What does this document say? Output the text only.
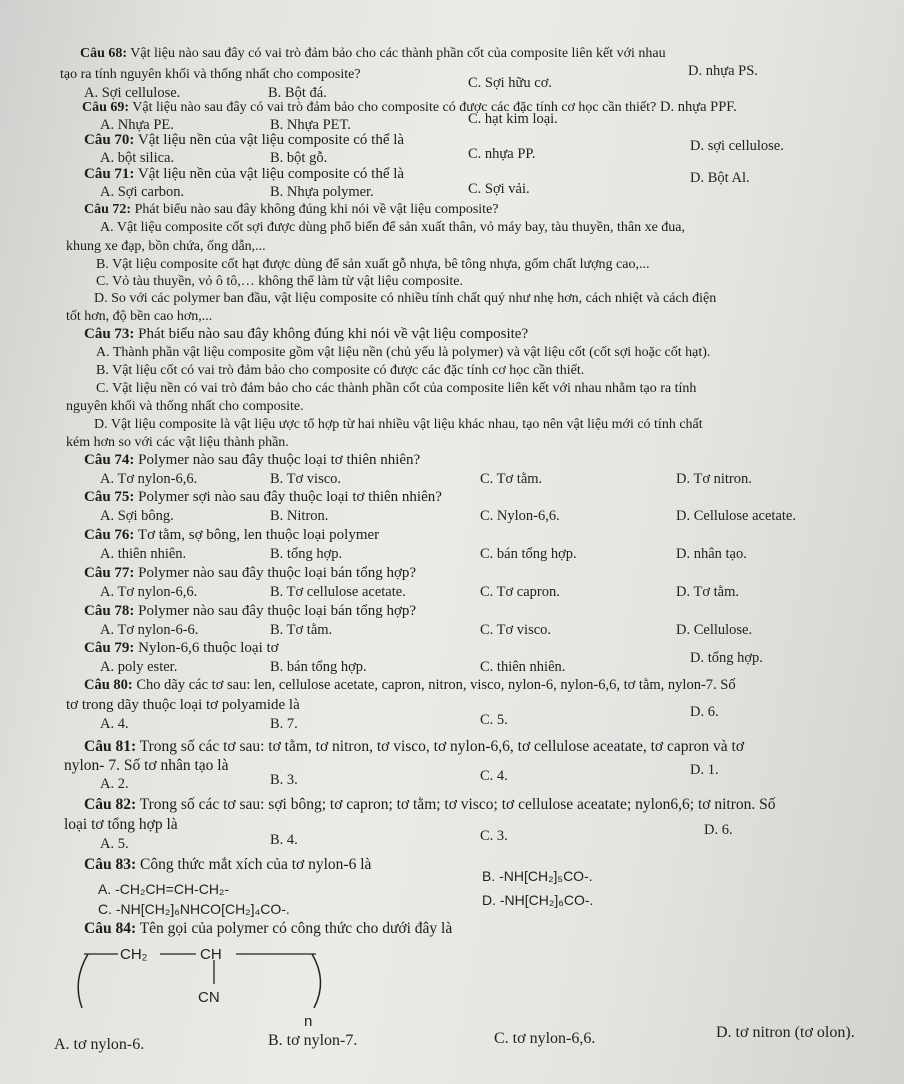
Câu 68: Vật liệu nào sau đây có vai trò đảm bảo cho các thành phần cốt của composite liên kết với nhau
tạo ra tính nguyên khối và thống nhất cho composite?
A. Sợi cellulose.	B. Bột đá.
C. Sợi hữu cơ.
D. nhựa PS.
Câu 69: Vật liệu nào sau đây có vai trò đảm bảo cho composite có được các đặc tính cơ học cần thiết?
A. Nhựa PE.	B. Nhựa PET.	C. hạt kim loại.
D. nhựa PPF.
Câu 70: Vật liệu nền của vật liệu composite có thể là
A. bột silica.	B. bột gỗ.	C. nhựa PP.	D. sợi cellulose.
Câu 71: Vật liệu nền của vật liệu composite có thể là
A. Sợi carbon.	B. Nhựa polymer.	C. Sợi vải.
D. Bột Al.
Câu 72: Phát biểu nào sau đây không đúng khi nói về vật liệu composite?
A. Vật liệu composite cốt sợi được dùng phổ biến để sản xuất thân, vỏ máy bay, tàu thuyền, thân xe đua,
khung xe đạp, bồn chứa, ống dẫn,...
B. Vật liệu composite cốt hạt được dùng để sản xuất gỗ nhựa, bê tông nhựa, gốm chất lượng cao,...
C. Vỏ tàu thuyền, vỏ ô tô,… không thể làm từ vật liệu composite.
D. So với các polymer ban đầu, vật liệu composite có nhiều tính chất quý như nhẹ hơn, cách nhiệt và cách điện
tốt hơn, độ bền cao hơn,...
Câu 73: Phát biểu nào sau đây không đúng khi nói về vật liệu composite?
A. Thành phần vật liệu composite gồm vật liệu nền (chủ yếu là polymer) và vật liệu cốt (cốt sợi hoặc cốt hạt).
B. Vật liệu cốt có vai trò đảm bảo cho composite có được các đặc tính cơ học cần thiết.
C. Vật liệu nền có vai trò đảm bảo cho các thành phần cốt của composite liên kết với nhau nhằm tạo ra tính
nguyên khối và thống nhất cho composite.
D. Vật liệu composite là vật liệu ược tổ hợp từ hai nhiều vật liệu khác nhau, tạo nên vật liệu mới có tính chất
kém hơn so với các vật liệu thành phần.
Câu 74: Polymer nào sau đây thuộc loại tơ thiên nhiên?
A. Tơ nylon-6,6.	B. Tơ visco.	C. Tơ tằm.	D. Tơ nitron.
Câu 75: Polymer sợi nào sau đây thuộc loại tơ thiên nhiên?
A. Sợi bông.	B. Nitron.	C. Nylon-6,6.	D. Cellulose acetate.
Câu 76: Tơ tằm, sợ bông, len thuộc loại polymer
A. thiên nhiên.	B. tổng hợp.	C. bán tổng hợp.	D. nhân tạo.
Câu 77: Polymer nào sau đây thuộc loại bán tổng hợp?
A. Tơ nylon-6,6.	B. Tơ cellulose acetate.	C. Tơ capron.	D. Tơ tằm.
Câu 78: Polymer nào sau đây thuộc loại bán tổng hợp?
A. Tơ nylon-6-6.	B. Tơ tằm.	C. Tơ visco.	D. Cellulose.
Câu 79: Nylon-6,6 thuộc loại tơ
A. poly ester.	B. bán tổng hợp.	C. thiên nhiên.
D. tổng hợp.
Câu 80: Cho dãy các tơ sau: len, cellulose acetate, capron, nitron, visco, nylon-6, nylon-6,6, tơ tằm, nylon-7. Số
tơ trong dãy thuộc loại tơ polyamide là
A. 4.	B. 7.	C. 5.	D. 6.
Câu 81: Trong số các tơ sau: tơ tằm, tơ nitron, tơ visco, tơ nylon-6,6, tơ cellulose aceatate, tơ capron và tơ
nylon- 7. Số tơ nhân tạo là
A. 2.	B. 3.	C. 4.	D. 1.
Câu 82: Trong số các tơ sau: sợi bông; tơ capron; tơ tằm; tơ visco; tơ cellulose aceatate; nylon6,6; tơ nitron. Số
loại tơ tổng hợp là
A. 5.	B. 4.	C. 3.	D. 6.
Câu 83: Công thức mắt xích của tơ nylon-6 là
A. -CH₂CH=CH-CH₂-
B. -NH[CH₂]₅CO-.
C. -NH[CH₂]₆NHCO[CH₂]₄CO-.
D. -NH[CH₂]₆CO-.
Câu 84: Tên gọi của polymer có công thức cho dưới đây là
CH₂	CH
CN
n
A. tơ nylon-6.	B. tơ nylon-7.	C. tơ nylon-6,6.	D. tơ nitron (tơ olon).
